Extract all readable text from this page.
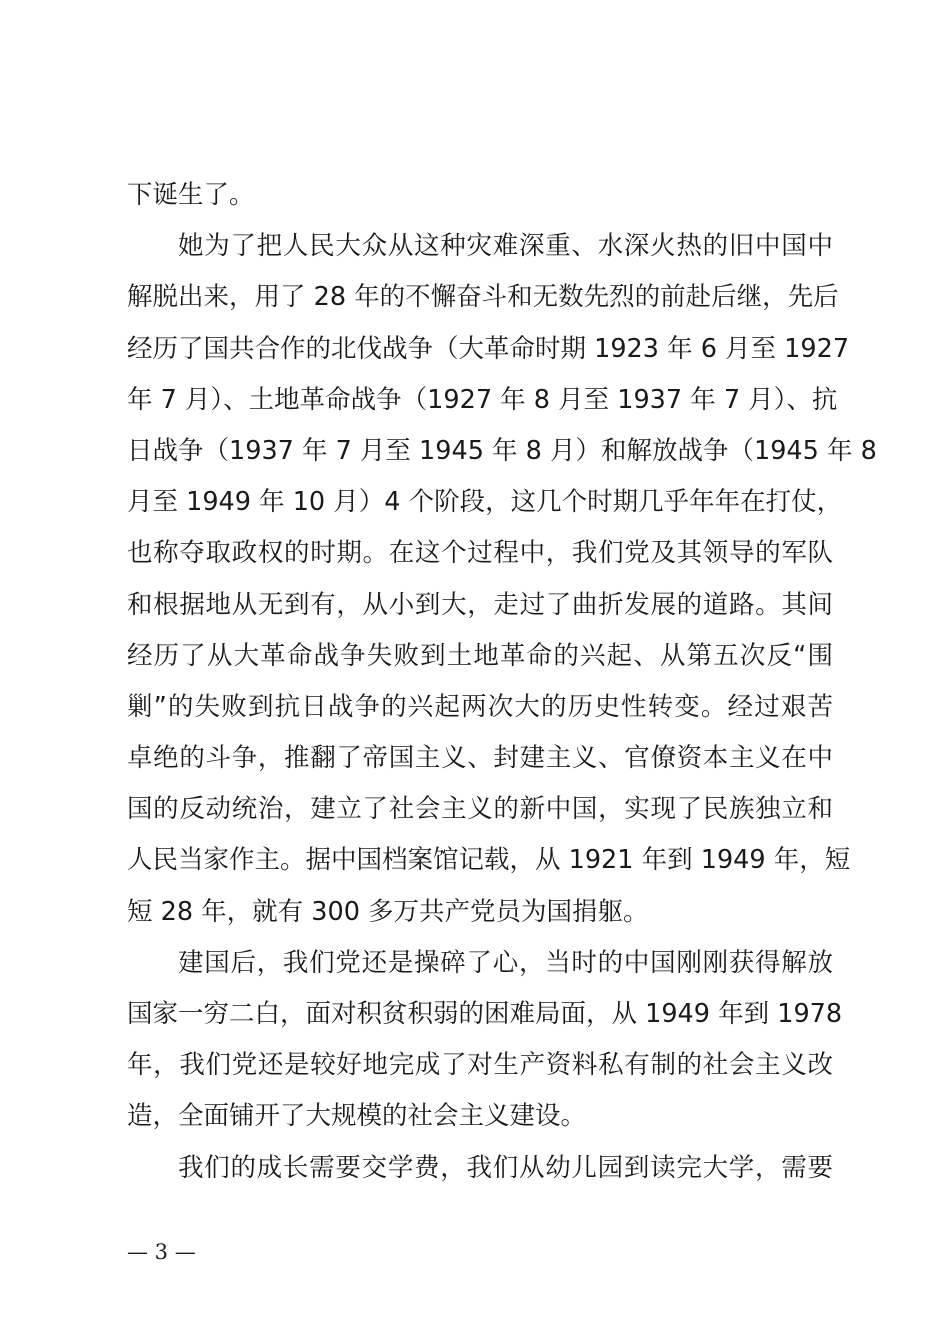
下诞生了。
她为了把人民大众从这种灾难深重、水深火热的旧中国中
解脱出来，用了 28 年的不懈奋斗和无数先烈的前赴后继，先后
经历了国共合作的北伐战争（大革命时期 1923 年 6 月至 1927
年 7 月）、土地革命战争（1927 年 8 月至 1937 年 7 月）、抗
日战争（1937 年 7 月至 1945 年 8 月）和解放战争（1945 年 8
月至 1949 年 10 月）4 个阶段，这几个时期几乎年年在打仗，
也称夺取政权的时期。在这个过程中，我们党及其领导的军队
和根据地从无到有，从小到大，走过了曲折发展的道路。其间
经历了从大革命战争失败到土地革命的兴起、从第五次反“围
剿”的失败到抗日战争的兴起两次大的历史性转变。经过艰苦
卓绝的斗争，推翻了帝国主义、封建主义、官僚资本主义在中
国的反动统治，建立了社会主义的新中国，实现了民族独立和
人民当家作主。据中国档案馆记载，从 1921 年到 1949 年，短
短 28 年，就有 300 多万共产党员为国捐躯。
建国后，我们党还是操碎了心，当时的中国刚刚获得解放
国家一穷二白，面对积贫积弱的困难局面，从 1949 年到 1978
年，我们党还是较好地完成了对生产资料私有制的社会主义改
造，全面铺开了大规模的社会主义建设。
我们的成长需要交学费，我们从幼儿园到读完大学，需要
— 3 —
